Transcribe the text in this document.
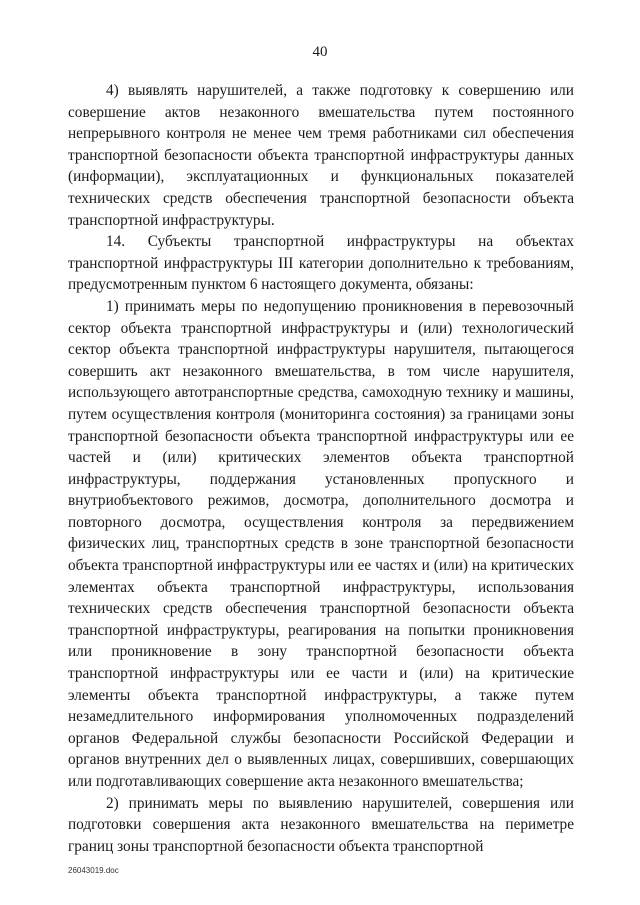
40

4) выявлять нарушителей, а также подготовку к совершению или совершение актов незаконного вмешательства путем постоянного непрерывного контроля не менее чем тремя работниками сил обеспечения транспортной безопасности объекта транспортной инфраструктуры данных (информации), эксплуатационных и функциональных показателей технических средств обеспечения транспортной безопасности объекта транспортной инфраструктуры.

14. Субъекты транспортной инфраструктуры на объектах транспортной инфраструктуры III категории дополнительно к требованиям, предусмотренным пунктом 6 настоящего документа, обязаны:

1) принимать меры по недопущению проникновения в перевозочный сектор объекта транспортной инфраструктуры и (или) технологический сектор объекта транспортной инфраструктуры нарушителя, пытающегося совершить акт незаконного вмешательства, в том числе нарушителя, использующего автотранспортные средства, самоходную технику и машины, путем осуществления контроля (мониторинга состояния) за границами зоны транспортной безопасности объекта транспортной инфраструктуры или ее частей и (или) критических элементов объекта транспортной инфраструктуры, поддержания установленных пропускного и внутриобъектового режимов, досмотра, дополнительного досмотра и повторного досмотра, осуществления контроля за передвижением физических лиц, транспортных средств в зоне транспортной безопасности объекта транспортной инфраструктуры или ее частях и (или) на критических элементах объекта транспортной инфраструктуры, использования технических средств обеспечения транспортной безопасности объекта транспортной инфраструктуры, реагирования на попытки проникновения или проникновение в зону транспортной безопасности объекта транспортной инфраструктуры или ее части и (или) на критические элементы объекта транспортной инфраструктуры, а также путем незамедлительного информирования уполномоченных подразделений органов Федеральной службы безопасности Российской Федерации и органов внутренних дел о выявленных лицах, совершивших, совершающих или подготавливающих совершение акта незаконного вмешательства;

2) принимать меры по выявлению нарушителей, совершения или подготовки совершения акта незаконного вмешательства на периметре границ зоны транспортной безопасности объекта транспортной

26043019.doc
